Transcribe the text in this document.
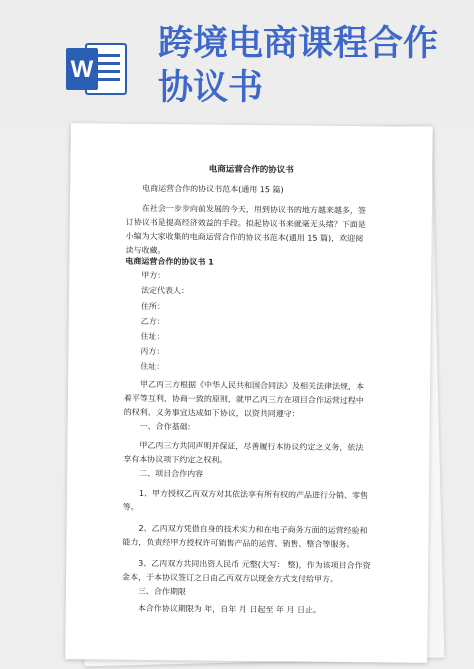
W
跨境电商课程合作
协议书
电商运营合作的协议书
电商运营合作的协议书范本(通用 15 篇)
在社会一步步向前发展的今天，用到协议书的地方越来越多，签
订协议书是提高经济效益的手段。拟起协议书来就毫无头绪？下面是
小编为大家收集的电商运营合作的协议书范本(通用 15 篇)，欢迎阅
读与收藏。
电商运营合作的协议书 1
甲方：
法定代表人：
住所：
乙方：
住址：
丙方：
住址：
甲乙丙三方根据《中华人民共和国合同法》及相关法律法规，本
着平等互利，协商一致的原则，就甲乙丙三方在项目合作运营过程中
的权利、义务事宜达成如下协议，以资共同遵守：
一、合作基础:
甲乙丙三方共同声明并保证，尽善履行本协议约定之义务，依法
享有本协议项下约定之权利。
二、项目合作内容
1、甲方授权乙丙双方对其依法享有所有权的产品进行分销、零售
等。
2、乙丙双方凭借自身的技术实力和在电子商务方面的运营经验和
能力，负责经甲方授权许可销售产品的运营、销售、整合等服务。
3、乙丙双方共同出资人民币 元整(大写： 整)，作为该项目合作资
金本，于本协议签订之日由乙丙双方以现金方式支付给甲方。
三、合作期限
本合作协议期限为 年，自年 月 日起至 年 月 日止。
